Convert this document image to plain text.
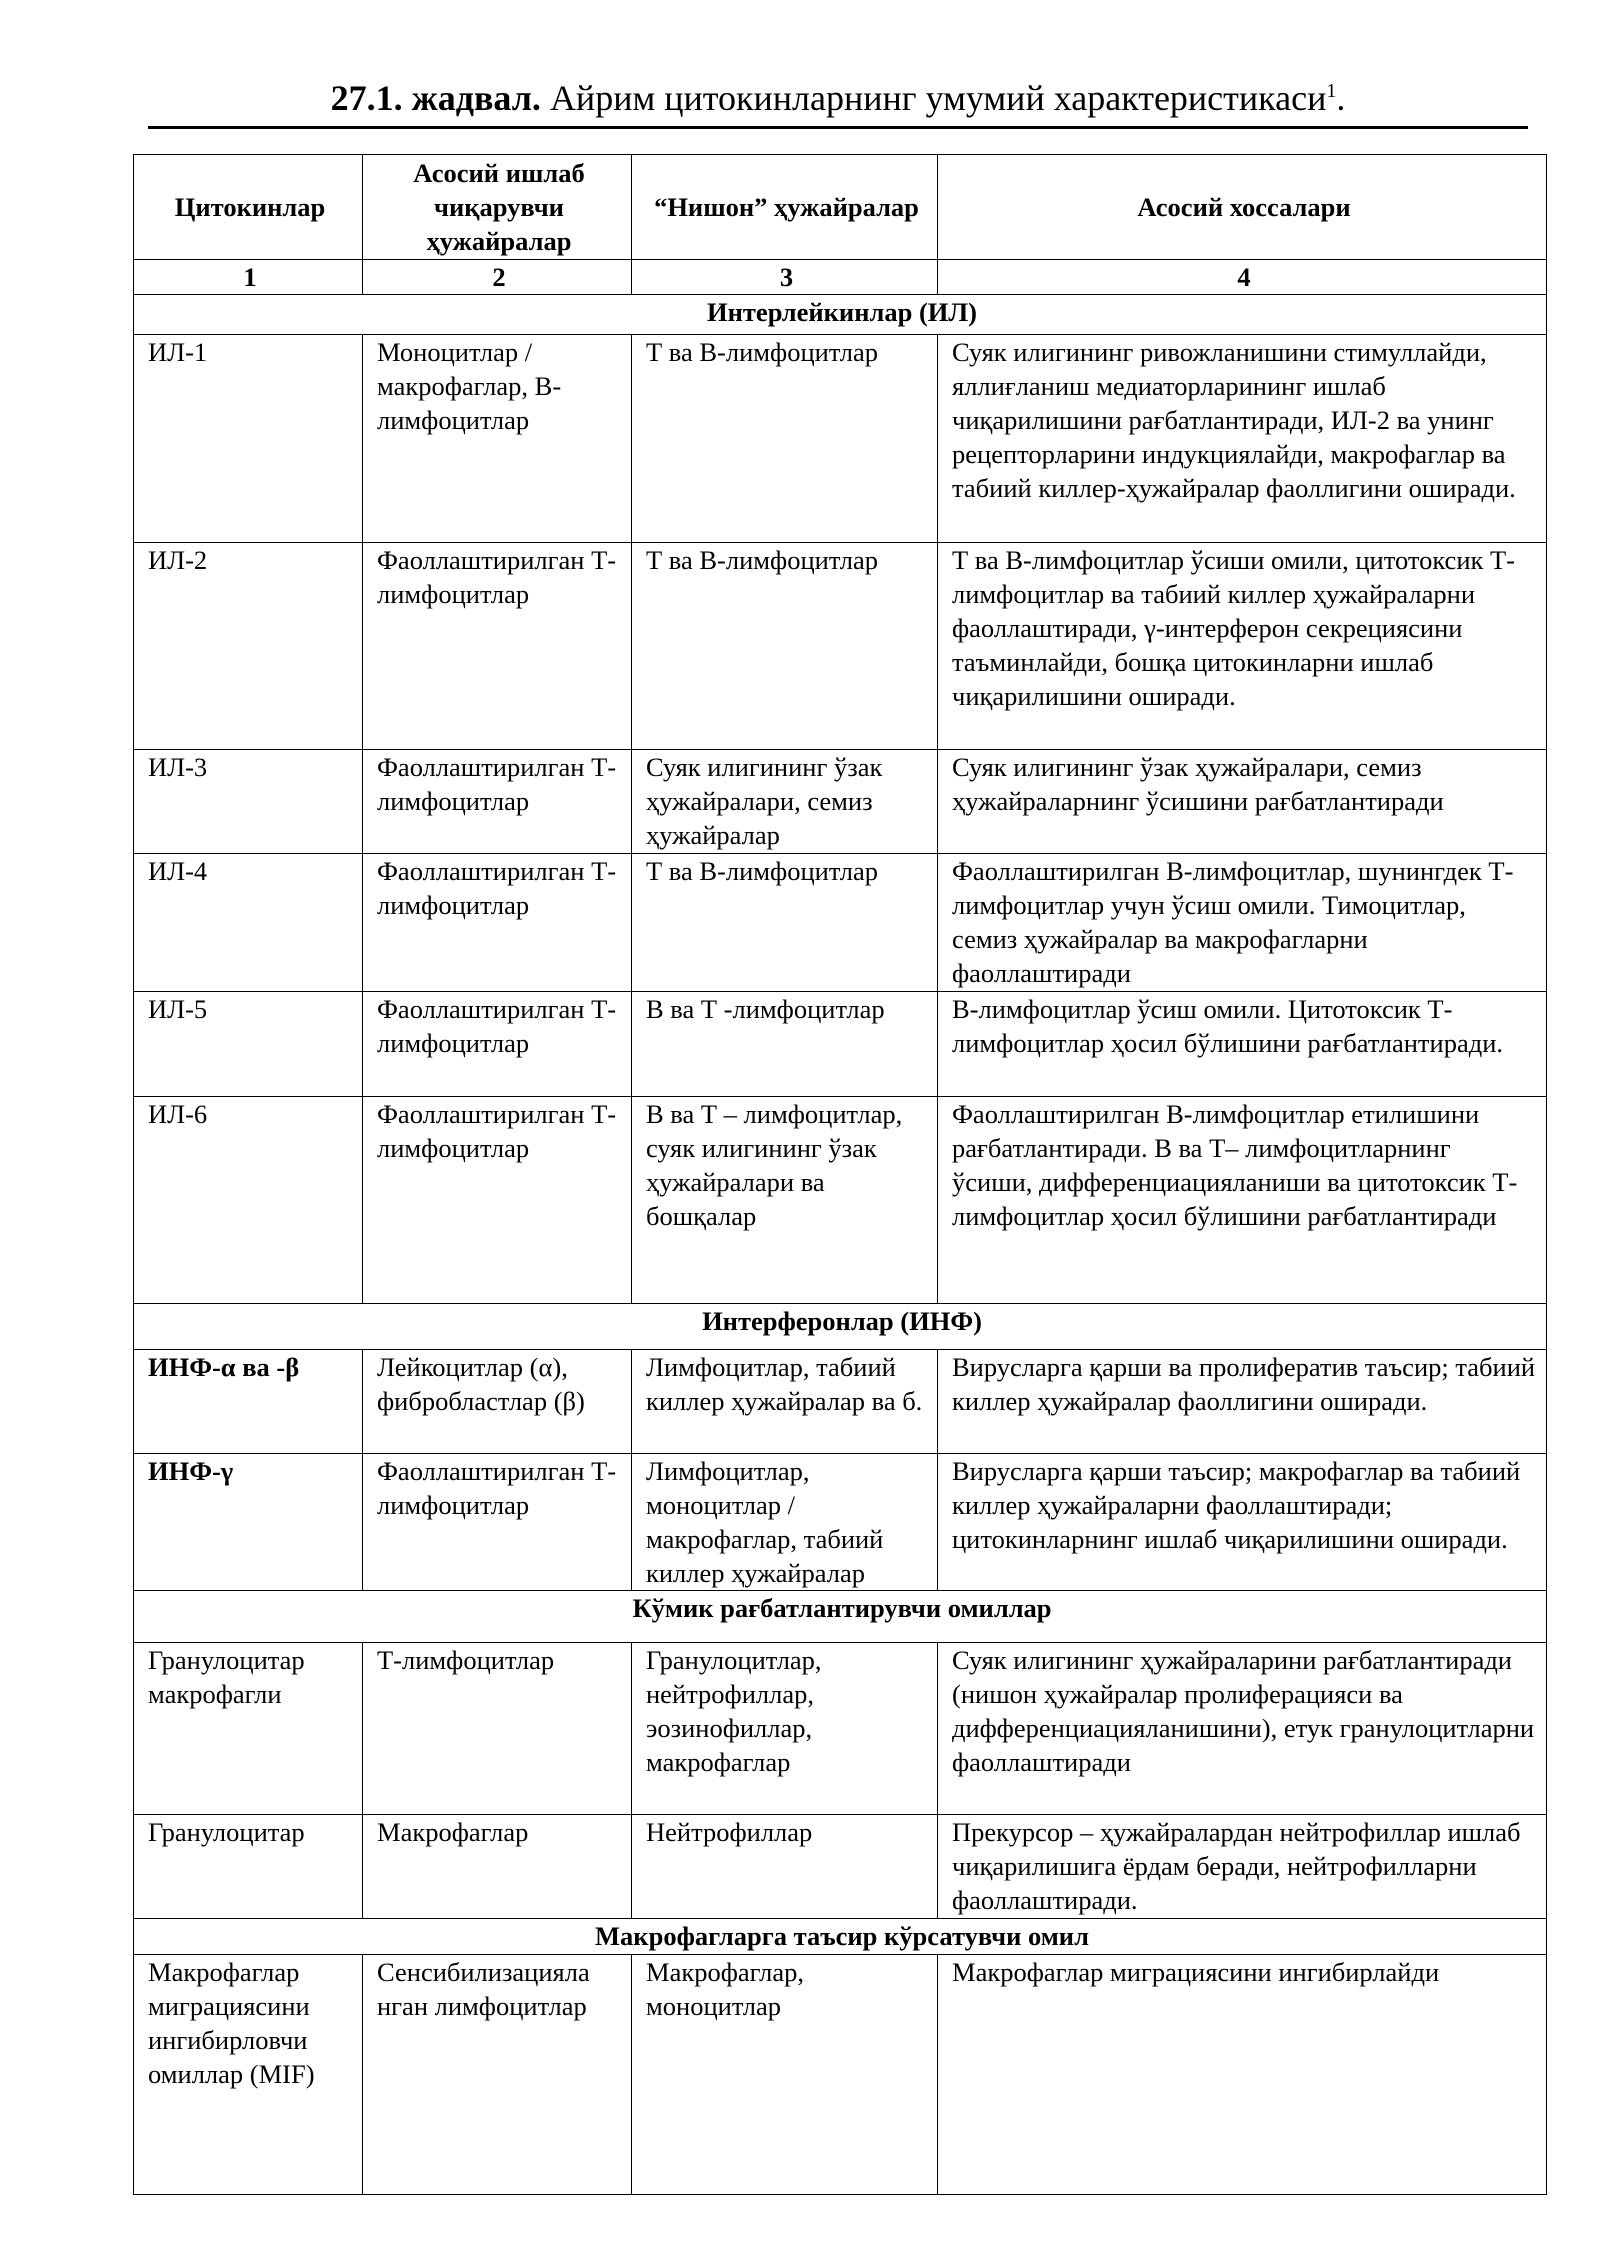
27.1. жадвал. Айрим цитокинларнинг умумий характеристикаси$^1$.

Цитокинлар	Асосий ишлаб чиқарувчи ҳужайралар	“Нишон” ҳужайралар	Асосий хоссалари
1	2	3	4
Интерлейкинлар (ИЛ)			
ИЛ-1	Моноцитлар / макрофаглар, В-лимфоцитлар	Т ва В-лимфоцитлар	Суяк илигининг ривожланишини стимуллайди, яллиғланиш медиаторларининг ишлаб чиқарилишини рағбатлантиради, ИЛ-2 ва унинг рецепторларини индукциялайди, макрофаглар ва табиий киллер-ҳужайралар фаоллигини оширади.
ИЛ-2	Фаоллаштирилган Т-лимфоцитлар	Т ва В-лимфоцитлар	Т ва В-лимфоцитлар ўсиши омили, цитотоксик Т-лимфоцитлар ва табиий киллер ҳужайраларни фаоллаштиради, γ-интерферон секрециясини таъминлайди, бошқа цитокинларни ишлаб чиқарилишини оширади.
ИЛ-3	Фаоллаштирилган Т-лимфоцитлар	Суяк илигининг ўзак ҳужайралари, семиз ҳужайралар	Суяк илигининг ўзак ҳужайралари, семиз ҳужайраларнинг ўсишини рағбатлантиради
ИЛ-4	Фаоллаштирилган Т-лимфоцитлар	Т ва В-лимфоцитлар	Фаоллаштирилган В-лимфоцитлар, шунингдек Т-лимфоцитлар учун ўсиш омили. Тимоцитлар, семиз ҳужайралар ва макрофагларни фаоллаштиради
ИЛ-5	Фаоллаштирилган Т-лимфоцитлар	В ва Т -лимфоцитлар	В-лимфоцитлар ўсиш омили. Цитотоксик Т-лимфоцитлар ҳосил бўлишини рағбатлантиради.
ИЛ-6	Фаоллаштирилган Т-лимфоцитлар	В ва Т – лимфоцитлар, суяк илигининг ўзак ҳужайралари ва бошқалар	Фаоллаштирилган В-лимфоцитлар етилишини рағбатлантиради. В ва Т– лимфоцитларнинг ўсиши, дифференциацияланиши ва цитотоксик Т-лимфоцитлар ҳосил бўлишини рағбатлантиради
Интерферонлар (ИНФ)			
ИНФ-α ва -β	Лейкоцитлар (α), фибробластлар (β)	Лимфоцитлар, табиий киллер ҳужайралар ва б.	Вирусларга қарши ва пролифератив таъсир; табиий киллер ҳужайралар фаоллигини оширади.
ИНФ-γ	Фаоллаштирилган Т-лимфоцитлар	Лимфоцитлар, моноцитлар / макрофаглар, табиий киллер ҳужайралар	Вирусларга қарши таъсир; макрофаглар ва табиий киллер ҳужайраларни фаоллаштиради; цитокинларнинг ишлаб чиқарилишини оширади.
Кўмик рағбатлантирувчи омиллар			
Гранулоцитар макрофагли	Т-лимфоцитлар	Гранулоцитлар, нейтрофиллар, эозинофиллар, макрофаглар	Суяк илигининг ҳужайраларини рағбатлантиради (нишон ҳужайралар пролиферацияси ва дифференциацияланишини), етук гранулоцитларни фаоллаштиради
Гранулоцитар	Макрофаглар	Нейтрофиллар	Прекурсор – ҳужайралардан нейтрофиллар ишлаб чиқарилишига ёрдам беради, нейтрофилларни фаоллаштиради.
Макрофагларга таъсир кўрсатувчи омил			
Макрофаглар миграциясини ингибирловчи омиллар (MIF)	Сенсибилизацияла нган лимфоцитлар	Макрофаглар, моноцитлар	Макрофаглар миграциясини ингибирлайди
